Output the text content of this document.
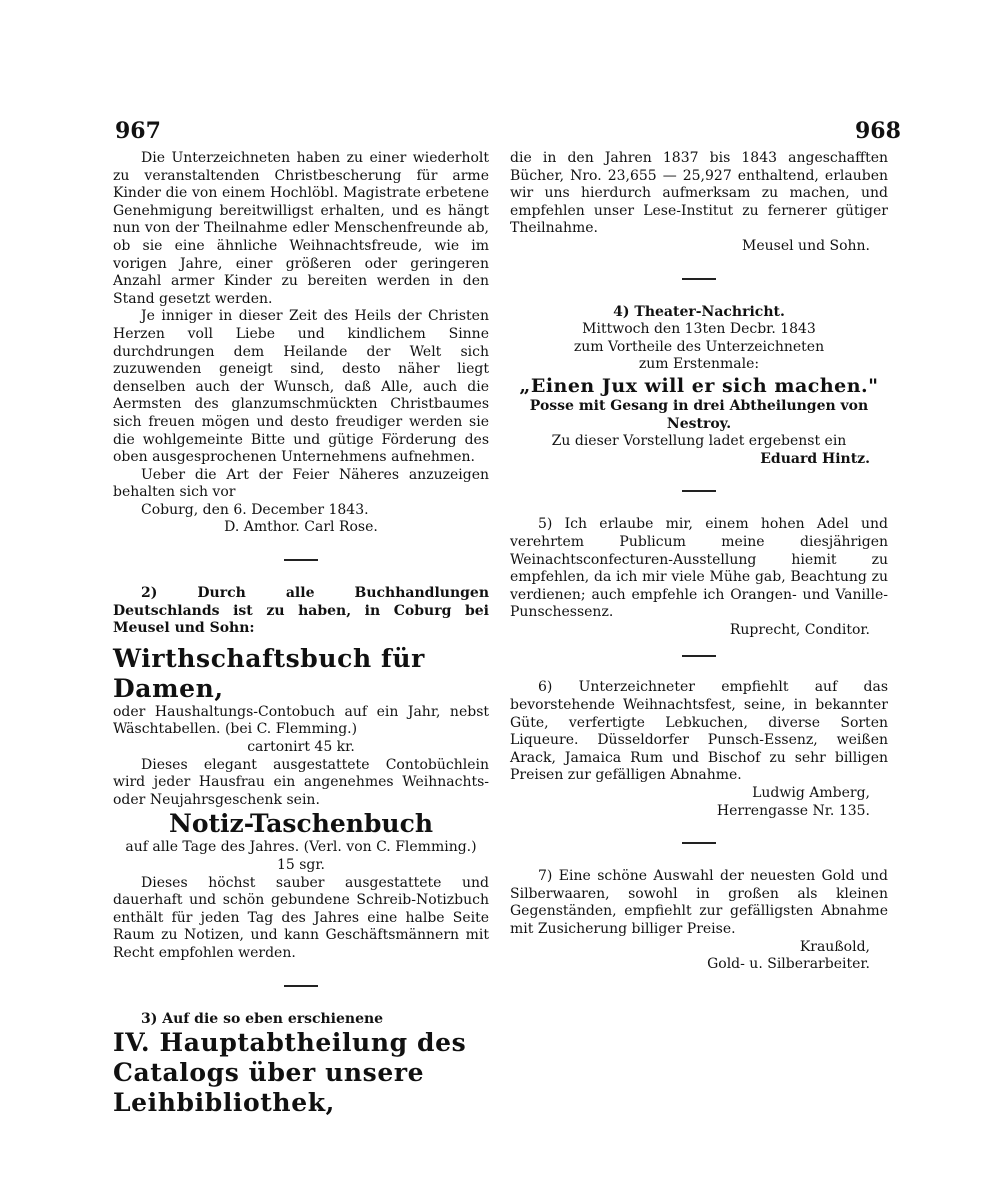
967	968

Die Unterzeichneten haben zu einer wiederholt zu veranstaltenden Christbescherung für arme Kinder die von einem Hochlöbl. Magistrate erbetene Genehmigung bereitwilligst erhalten, und es hängt nun von der Theilnahme edler Menschenfreunde ab, ob sie eine ähnliche Weihnachtsfreude, wie im vorigen Jahre, einer größeren oder geringeren Anzahl armer Kinder zu bereiten werden in den Stand gesetzt werden.

Je inniger in dieser Zeit des Heils der Christen Herzen voll Liebe und kindlichem Sinne durchdrungen dem Heilande der Welt sich zuzuwenden geneigt sind, desto näher liegt denselben auch der Wunsch, daß Alle, auch die Aermsten des glanzumschmückten Christbaumes sich freuen mögen und desto freudiger werden sie die wohlgemeinte Bitte und gütige Förderung des oben ausgesprochenen Unternehmens aufnehmen.

Ueber die Art der Feier Näheres anzuzeigen behalten sich vor

Coburg, den 6. December 1843.

D. Amthor. Carl Rose.

2) Durch alle Buchhandlungen Deutschlands ist zu haben, in Coburg bei Meusel und Sohn:

Wirthschaftsbuch für Damen,

oder Haushaltungs-Contobuch auf ein Jahr, nebst Wäschtabellen. (bei C. Flemming.)

cartonirt 45 kr.

Dieses elegant ausgestattete Contobüchlein wird jeder Hausfrau ein angenehmes Weihnachts- oder Neujahrsgeschenk sein.

Notiz-Taschenbuch

auf alle Tage des Jahres. (Verl. von C. Flemming.)

15 sgr.

Dieses höchst sauber ausgestattete und dauerhaft und schön gebundene Schreib-Notizbuch enthält für jeden Tag des Jahres eine halbe Seite Raum zu Notizen, und kann Geschäftsmännern mit Recht empfohlen werden.

3) Auf die so eben erschienene

IV. Hauptabtheilung des Catalogs über unsere Leihbibliothek,

die in den Jahren 1837 bis 1843 angeschafften Bücher, Nro. 23,655 — 25,927 enthaltend, erlauben wir uns hierdurch aufmerksam zu machen, und empfehlen unser Lese-Institut zu fernerer gütiger Theilnahme.

Meusel und Sohn.

4) Theater-Nachricht.

Mittwoch den 13ten Decbr. 1843

zum Vortheile des Unterzeichneten

zum Erstenmale:

„Einen Jux will er sich machen."

Posse mit Gesang in drei Abtheilungen von Nestroy.

Zu dieser Vorstellung ladet ergebenst ein

Eduard Hintz.

5) Ich erlaube mir, einem hohen Adel und verehrtem Publicum meine diesjährigen Weinachtsconfecturen-Ausstellung hiemit zu empfehlen, da ich mir viele Mühe gab, Beachtung zu verdienen; auch empfehle ich Orangen- und Vanille-Punschessenz.

Ruprecht, Conditor.

6) Unterzeichneter empfiehlt auf das bevorstehende Weihnachtsfest, seine, in bekannter Güte, verfertigte Lebkuchen, diverse Sorten Liqueure. Düsseldorfer Punsch-Essenz, weißen Arack, Jamaica Rum und Bischof zu sehr billigen Preisen zur gefälligen Abnahme.

Ludwig Amberg,

Herrengasse Nr. 135.

7) Eine schöne Auswahl der neuesten Gold und Silberwaaren, sowohl in großen als kleinen Gegenständen, empfiehlt zur gefälligsten Abnahme mit Zusicherung billiger Preise.

Kraußold,

Gold- u. Silberarbeiter.
